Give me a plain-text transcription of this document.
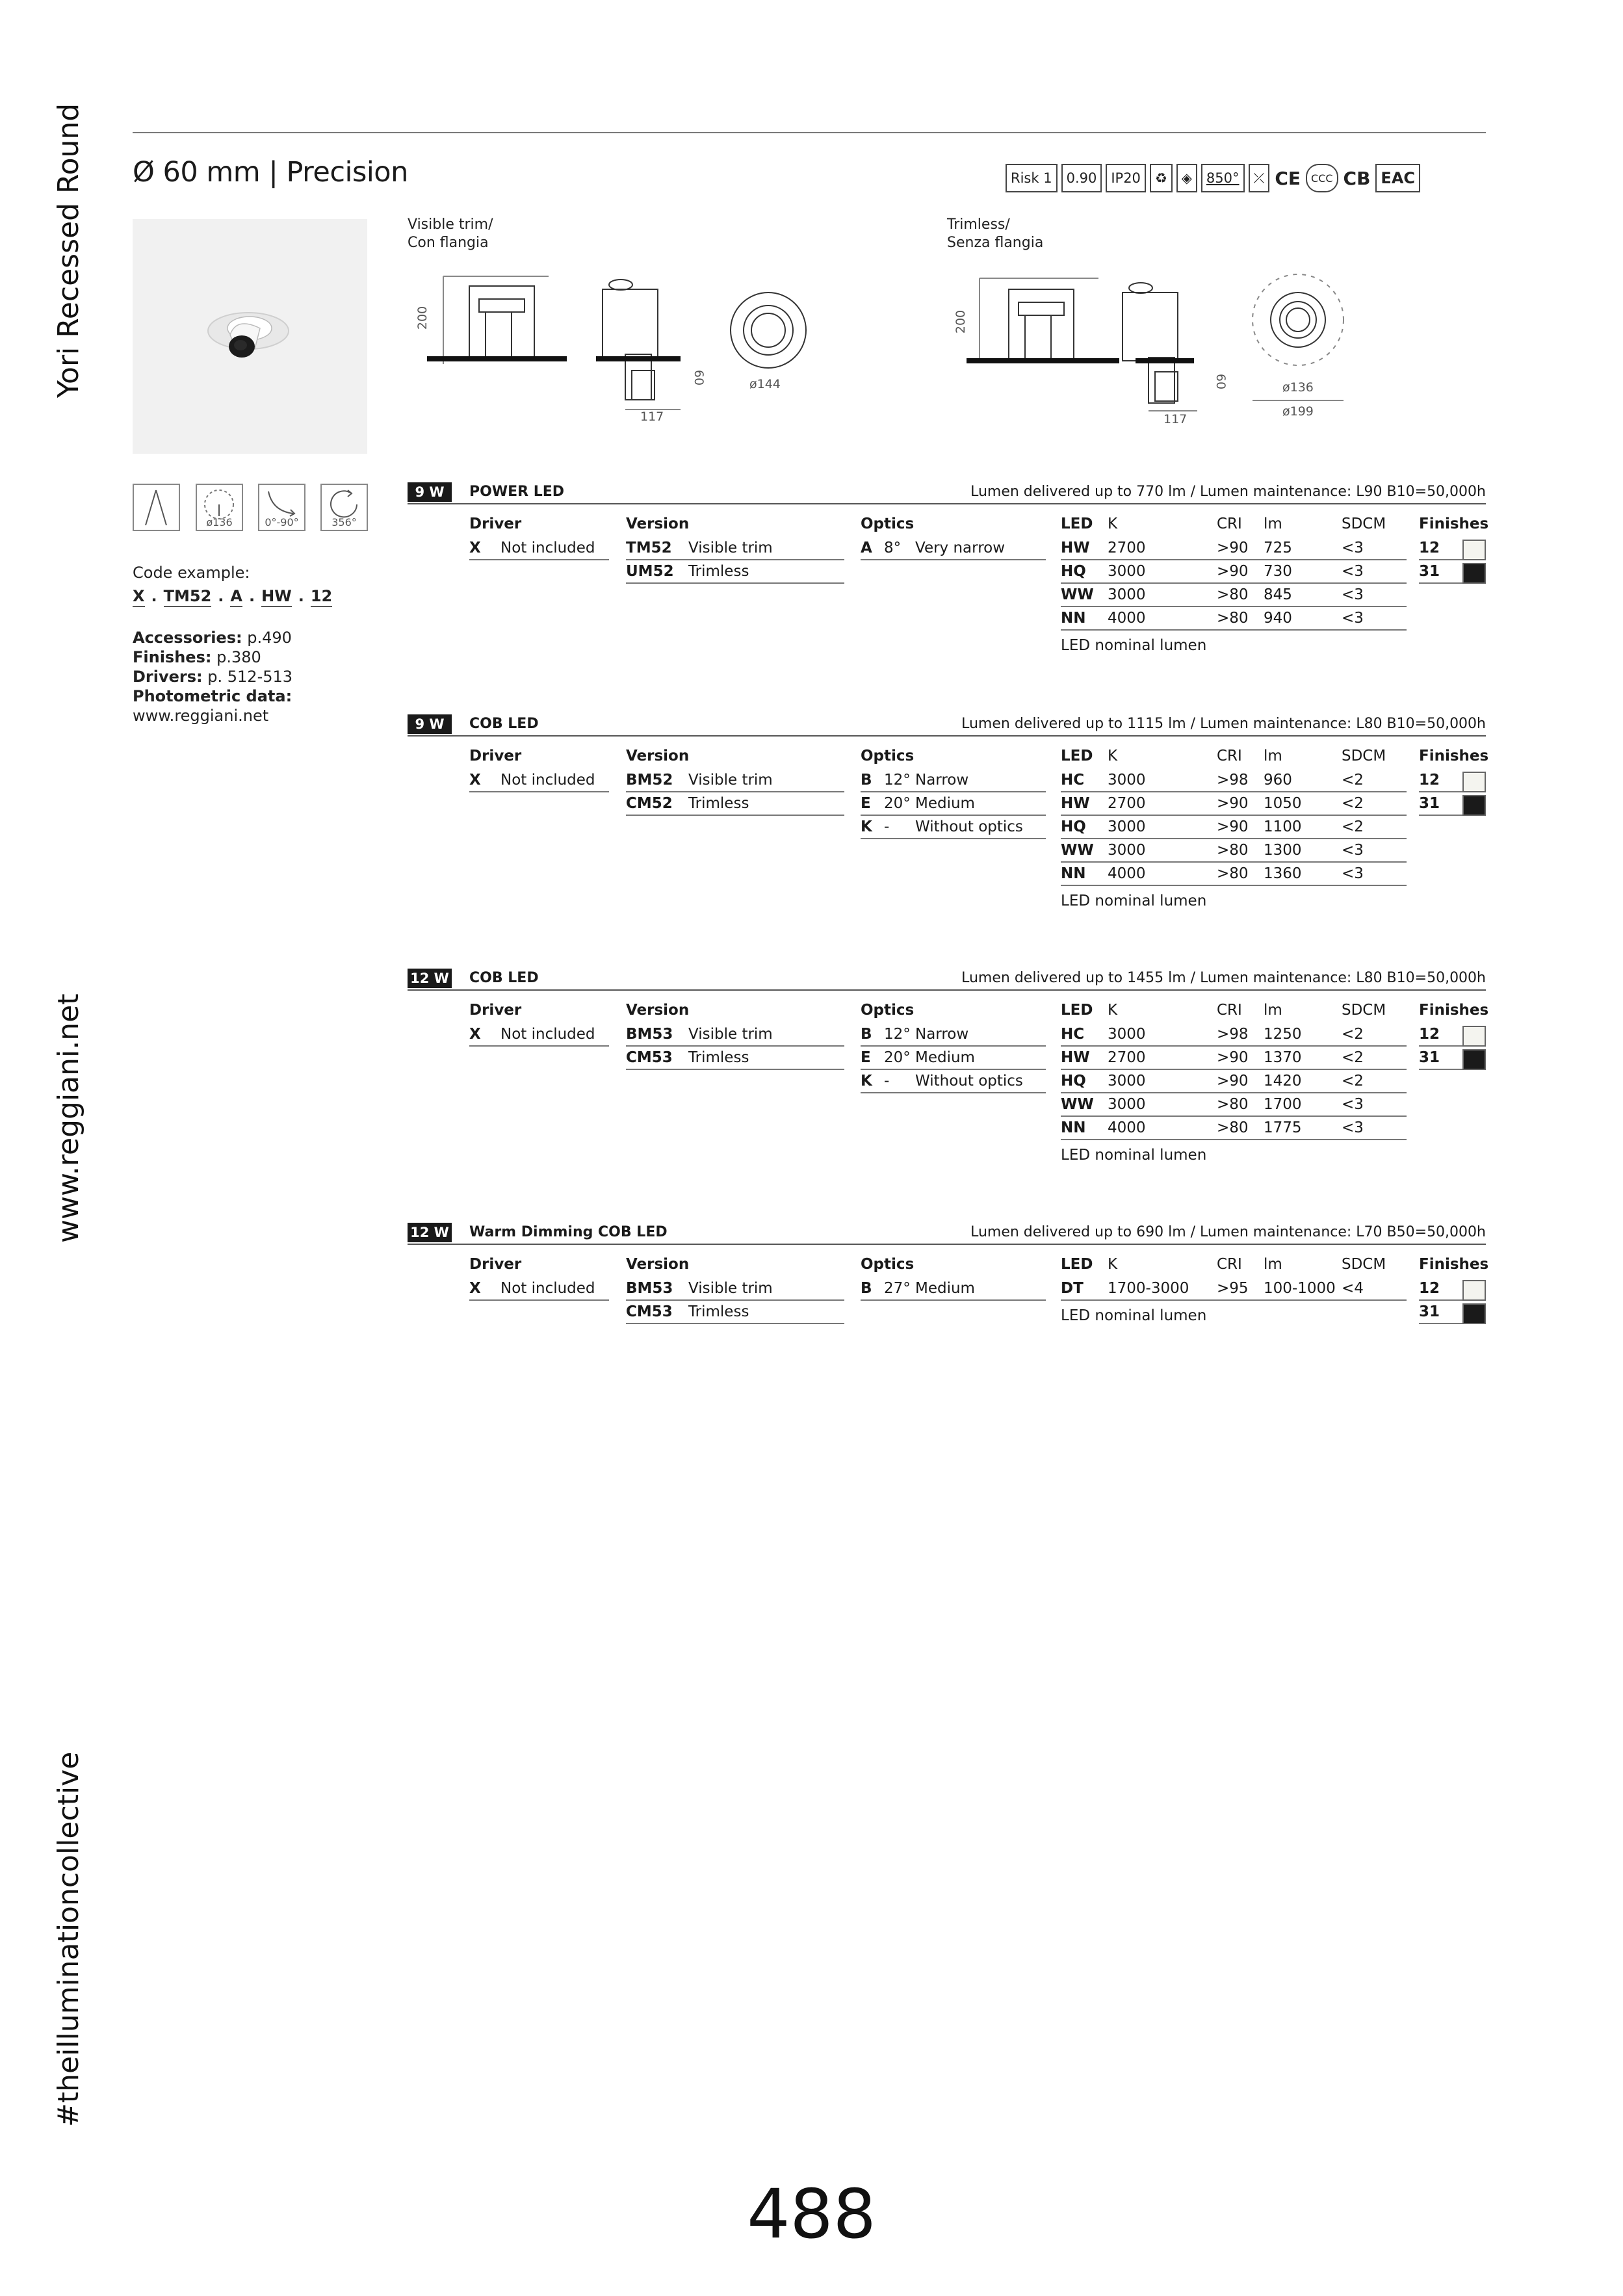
Yori Recessed Round
www.reggiani.net
#theilluminationcollective
Ø 60 mm | Precision	Risk 1 0.90 IP20	♻	◈	850°	⤫ CE CCC CB EAC
Visible trim/
Con flangia
Trimless/
Senza flangia
200
117
60	ø144
200
117
60	ø136
ø199
ø136	0°-90°	356°
Code example:
X . TM52 . A . HW . 12
Accessories: p.490
Finishes: p.380
Drivers: p. 512-513
Photometric data:
www.reggiani.net
9 W	POWER LED	Lumen delivered up to 770 lm / Lumen maintenance: L90 B10=50,000h
Driver
X Not included
Version
TM52 Visible trim
UM52 Trimless
Optics
A 8° Very narrow
LED K	CRI lm	SDCM
HW 2700	>90 725	<3
HQ 3000	>90 730	<3
WW 3000	>80 845	<3
NN 4000	>80 940	<3
LED nominal lumen
Finishes
12
31
9 W	COB LED	Lumen delivered up to 1115 lm / Lumen maintenance: L80 B10=50,000h
Driver
X Not included
Version
BM52 Visible trim
CM52 Trimless
Optics
B 12° Narrow
E 20° Medium
K - Without optics
LED K	CRI lm	SDCM
HC 3000	>98 960	<2
HW 2700	>90 1050	<2
HQ 3000	>90 1100	<2
WW 3000	>80 1300	<3
NN 4000	>80 1360	<3
LED nominal lumen
Finishes
12
31
12 W COB LED	Lumen delivered up to 1455 lm / Lumen maintenance: L80 B10=50,000h
Driver
X Not included
Version
BM53 Visible trim
CM53 Trimless
Optics
B 12° Narrow
E 20° Medium
K - Without optics
LED K	CRI lm	SDCM
HC 3000	>98 1250	<2
HW 2700	>90 1370	<2
HQ 3000	>90 1420	<2
WW 3000	>80 1700	<3
NN 4000	>80 1775	<3
LED nominal lumen
Finishes
12
31
12 W Warm Dimming COB LED	Lumen delivered up to 690 lm / Lumen maintenance: L70 B50=50,000h
Driver
X Not included
Version
BM53 Visible trim
CM53 Trimless
Optics
B 27° Medium
LED K	CRI lm	SDCM
DT 1700-3000 >95 100-1000 <4
LED nominal lumen
Finishes
12
31
488
